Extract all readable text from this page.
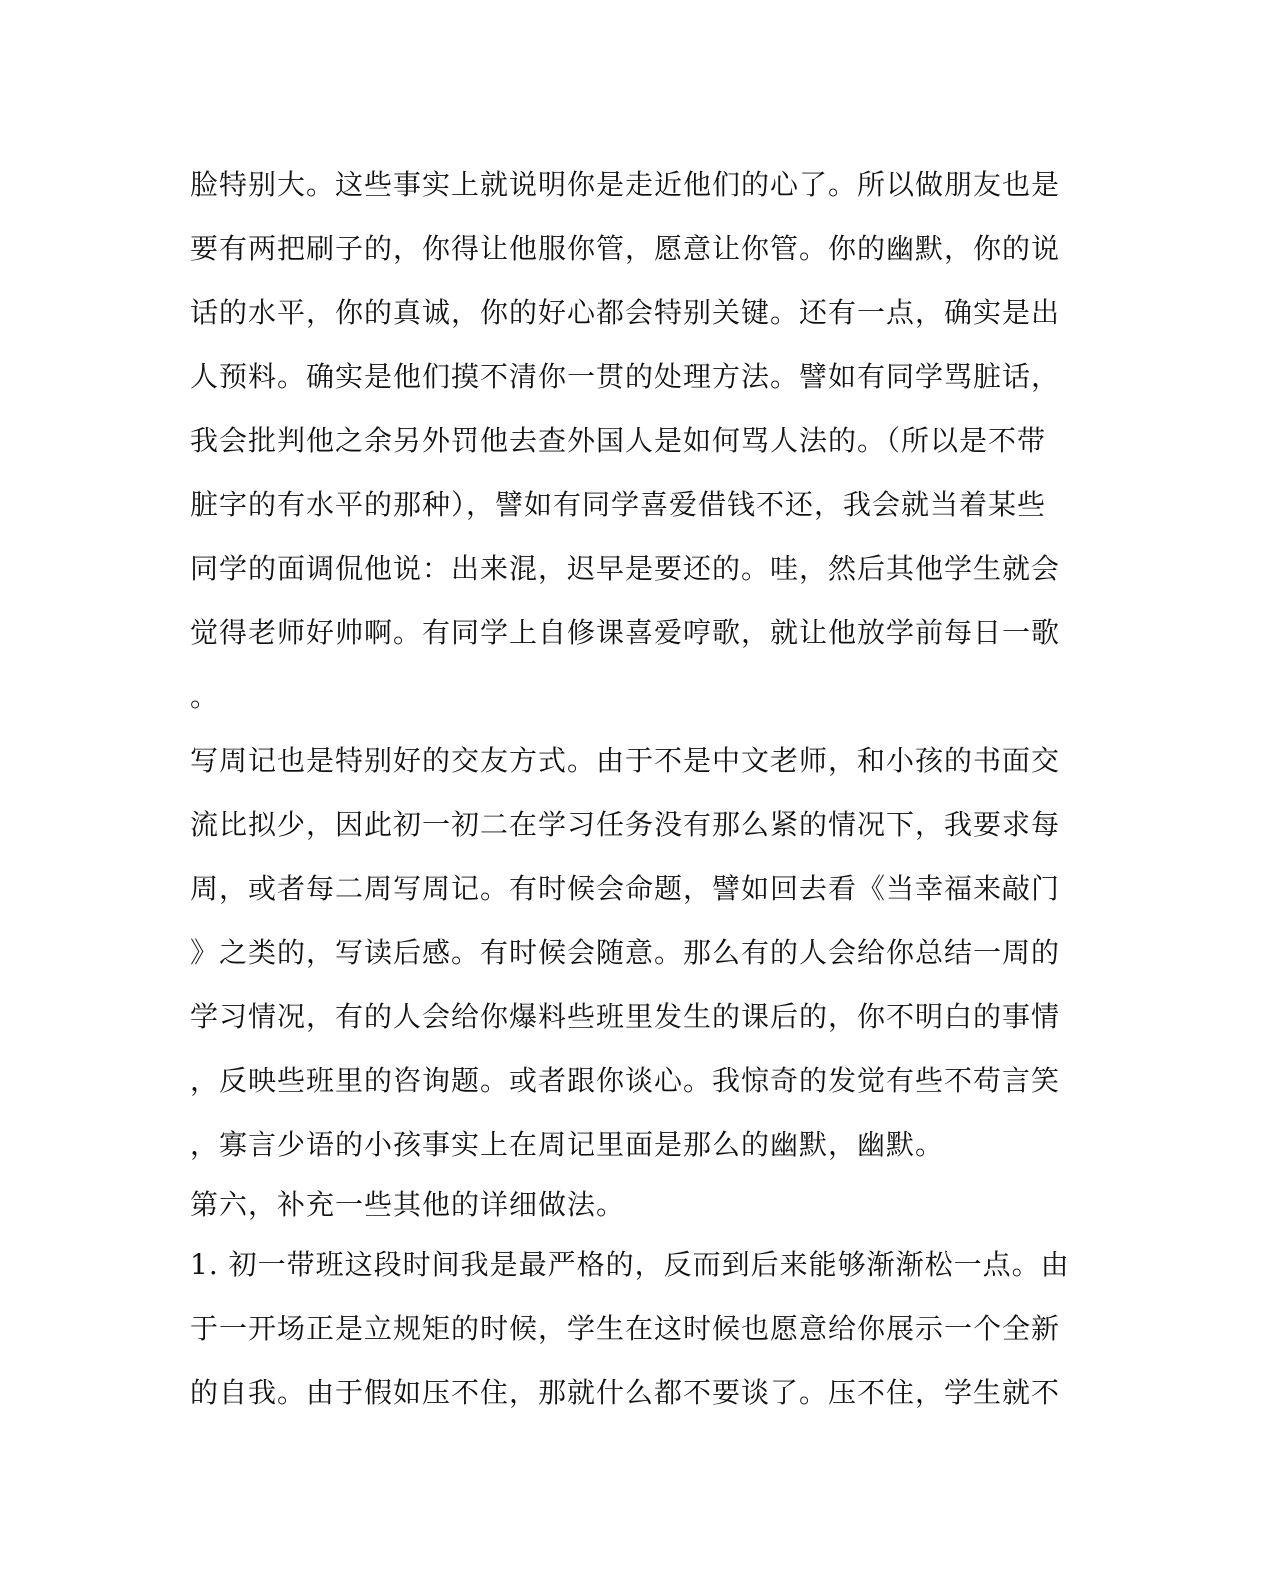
脸特别大。这些事实上就说明你是走近他们的心了。所以做朋友也是
要有两把刷子的，你得让他服你管，愿意让你管。你的幽默，你的说
话的水平，你的真诚，你的好心都会特别关键。还有一点，确实是出
人预料。确实是他们摸不清你一贯的处理方法。譬如有同学骂脏话，
我会批判他之余另外罚他去查外国人是如何骂人法的。（所以是不带
脏字的有水平的那种），譬如有同学喜爱借钱不还，我会就当着某些
同学的面调侃他说：出来混，迟早是要还的。哇，然后其他学生就会
觉得老师好帅啊。有同学上自修课喜爱哼歌，就让他放学前每日一歌
。
写周记也是特别好的交友方式。由于不是中文老师，和小孩的书面交
流比拟少，因此初一初二在学习任务没有那么紧的情况下，我要求每
周，或者每二周写周记。有时候会命题，譬如回去看《当幸福来敲门
》之类的，写读后感。有时候会随意。那么有的人会给你总结一周的
学习情况，有的人会给你爆料些班里发生的课后的，你不明白的事情
，反映些班里的咨询题。或者跟你谈心。我惊奇的发觉有些不苟言笑
，寡言少语的小孩事实上在周记里面是那么的幽默，幽默。
第六，补充一些其他的详细做法。
1. 初一带班这段时间我是最严格的，反而到后来能够渐渐松一点。由
于一开场正是立规矩的时候，学生在这时候也愿意给你展示一个全新
的自我。由于假如压不住，那就什么都不要谈了。压不住，学生就不
